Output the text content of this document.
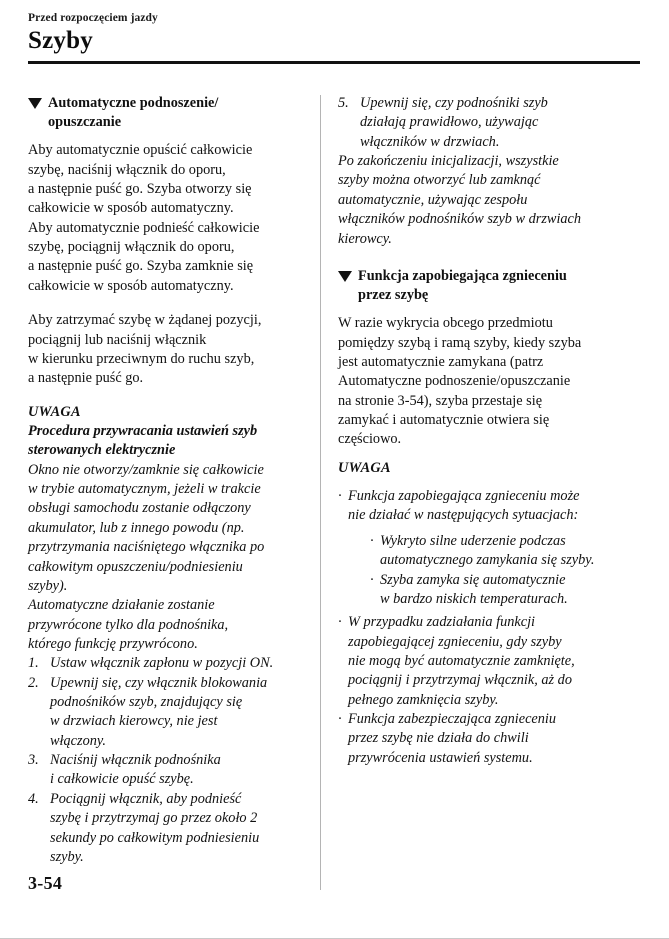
Przed rozpoczęciem jazdy
Szyby
Automatyczne podnoszenie/
opuszczanie

Aby automatycznie opuścić całkowicie
szybę, naciśnij włącznik do oporu,
a następnie puść go. Szyba otworzy się
całkowicie w sposób automatyczny.
Aby automatycznie podnieść całkowicie
szybę, pociągnij włącznik do oporu,
a następnie puść go. Szyba zamknie się
całkowicie w sposób automatyczny.

Aby zatrzymać szybę w żądanej pozycji,
pociągnij lub naciśnij włącznik
w kierunku przeciwnym do ruchu szyb,
a następnie puść go.

UWAGA

Procedura przywracania ustawień szyb
sterowanych elektrycznie

Okno nie otworzy/zamknie się całkowicie
w trybie automatycznym, jeżeli w trakcie
obsługi samochodu zostanie odłączony
akumulator, lub z innego powodu (np.
przytrzymania naciśniętego włącznika po
całkowitym opuszczeniu/podniesieniu
szyby).
Automatyczne działanie zostanie
przywrócone tylko dla podnośnika,
którego funkcję przywrócono.

1. Ustaw włącznik zapłonu w pozycji ON.
2. Upewnij się, czy włącznik blokowania
podnośników szyb, znajdujący się
w drzwiach kierowcy, nie jest
włączony.
3. Naciśnij włącznik podnośnika
i całkowicie opuść szybę.
4. Pociągnij włącznik, aby podnieść
szybę i przytrzymaj go przez około 2
sekundy po całkowitym podniesieniu
szyby.
5. Upewnij się, czy podnośniki szyb
działają prawidłowo, używając
włączników w drzwiach.

Po zakończeniu inicjalizacji, wszystkie
szyby można otworzyć lub zamknąć
automatycznie, używając zespołu
włączników podnośników szyb w drzwiach
kierowcy.

Funkcja zapobiegająca zgnieceniu
przez szybę

W razie wykrycia obcego przedmiotu
pomiędzy szybą i ramą szyby, kiedy szyba
jest automatycznie zamykana (patrz
Automatyczne podnoszenie/opuszczanie
na stronie 3-54), szyba przestaje się
zamykać i automatycznie otwiera się
częściowo.

UWAGA

· Funkcja zapobiegająca zgnieceniu może
nie działać w następujących sytuacjach:
· Wykryto silne uderzenie podczas
automatycznego zamykania się szyby.
· Szyba zamyka się automatycznie
w bardzo niskich temperaturach.
· W przypadku zadziałania funkcji
zapobiegającej zgnieceniu, gdy szyby
nie mogą być automatycznie zamknięte,
pociągnij i przytrzymaj włącznik, aż do
pełnego zamknięcia szyby.
· Funkcja zabezpieczająca zgnieceniu
przez szybę nie działa do chwili
przywrócenia ustawień systemu.
3-54
